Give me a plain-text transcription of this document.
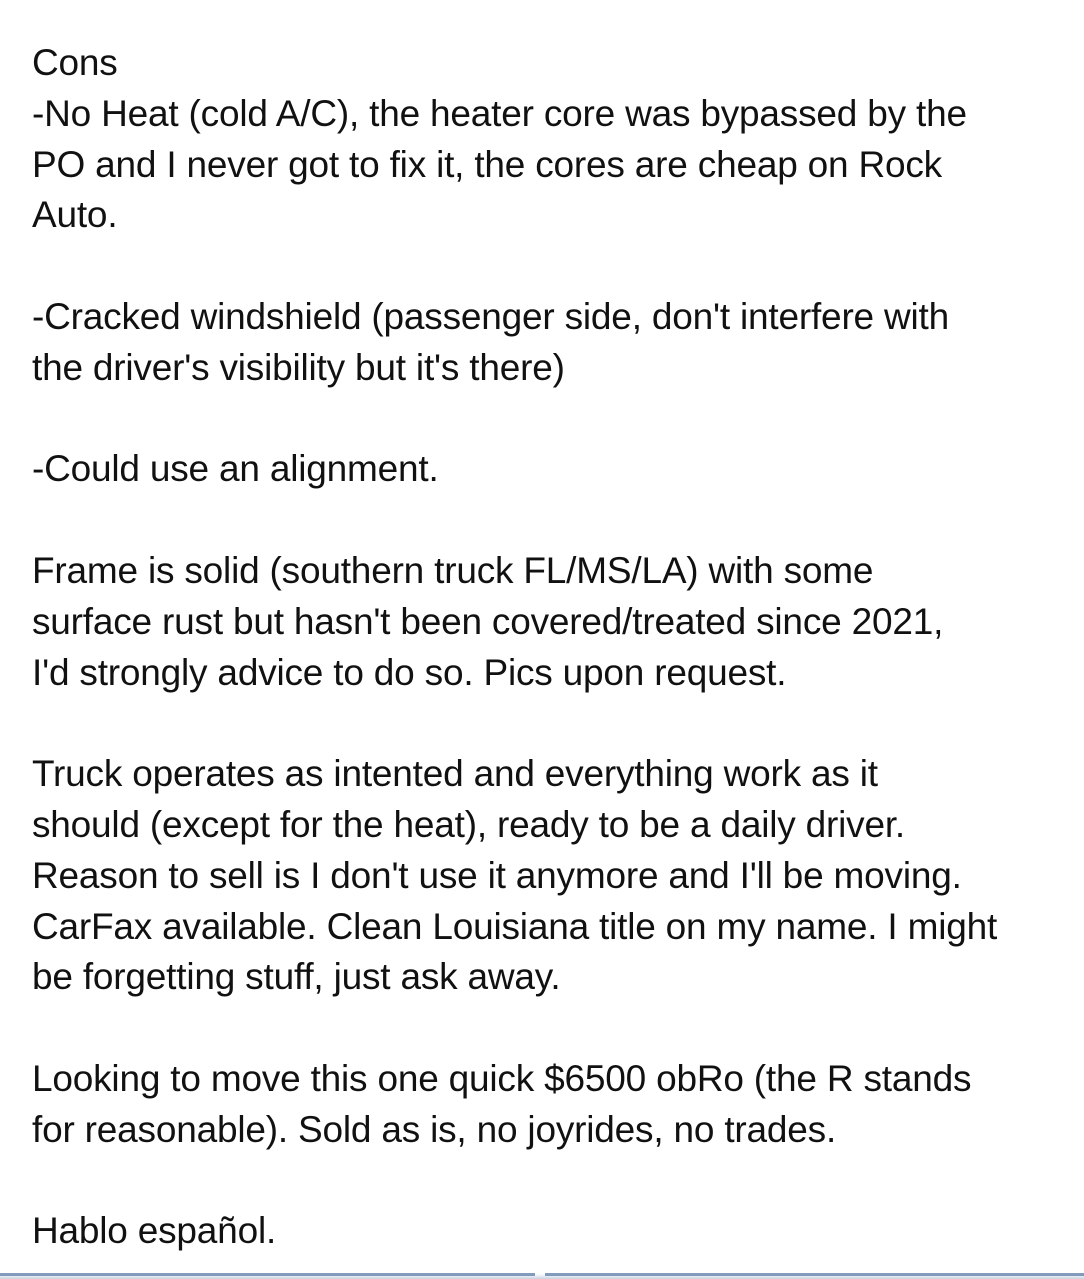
Cons
-No Heat (cold A/C), the heater core was bypassed by the
PO and I never got to fix it, the cores are cheap on Rock
Auto.
-Cracked windshield (passenger side, don't interfere with
the driver's visibility but it's there)
-Could use an alignment.
Frame is solid (southern truck FL/MS/LA) with some
surface rust but hasn't been covered/treated since 2021,
I'd strongly advice to do so. Pics upon request.
Truck operates as intented and everything work as it
should (except for the heat), ready to be a daily driver.
Reason to sell is I don't use it anymore and I'll be moving.
CarFax available. Clean Louisiana title on my name. I might
be forgetting stuff, just ask away.
Looking to move this one quick $6500 obRo (the R stands
for reasonable). Sold as is, no joyrides, no trades.
Hablo español.
